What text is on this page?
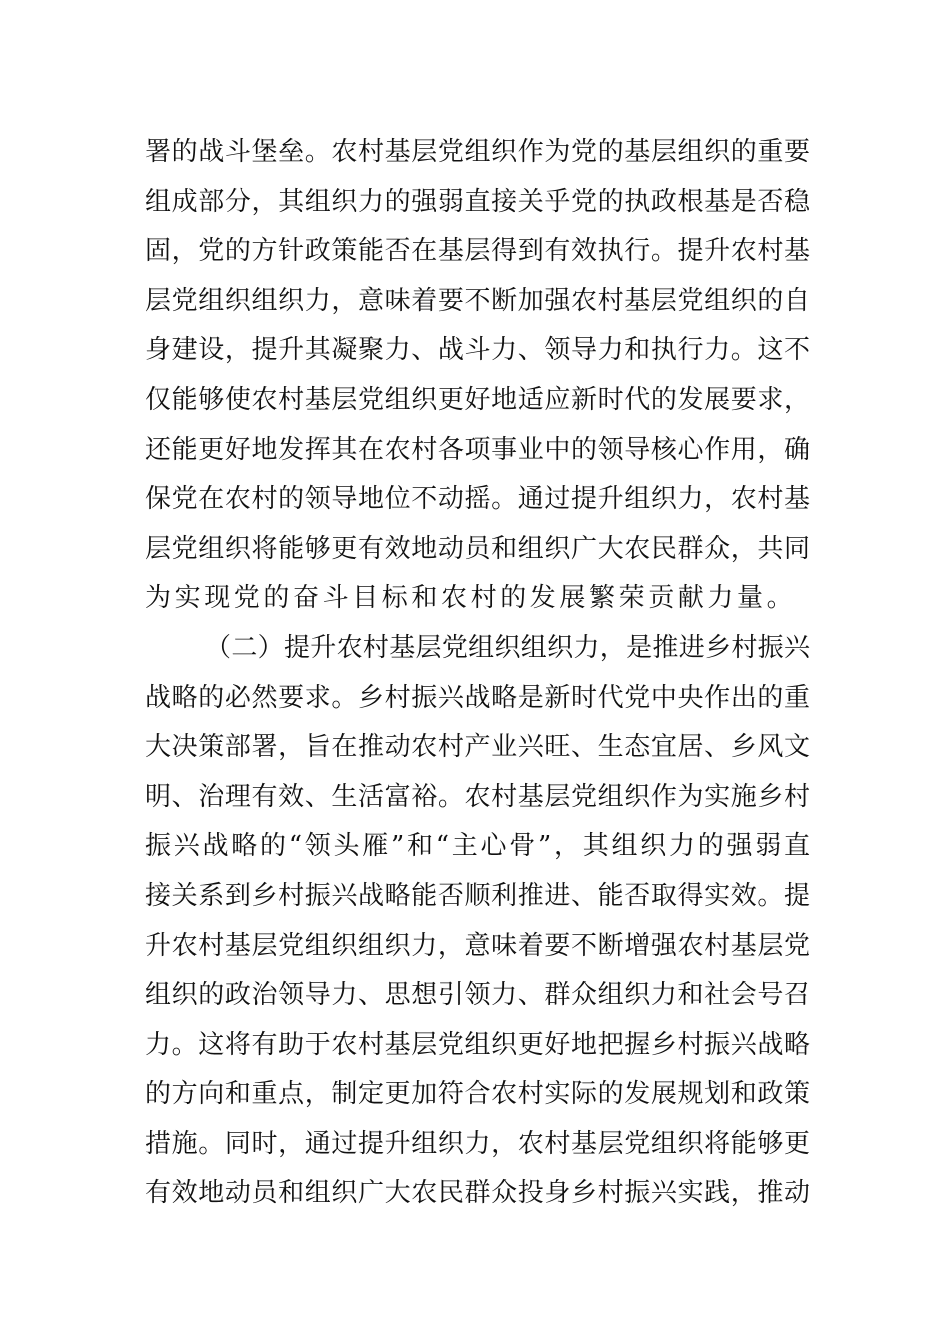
署的战斗堡垒。农村基层党组织作为党的基层组织的重要
组成部分，其组织力的强弱直接关乎党的执政根基是否稳
固，党的方针政策能否在基层得到有效执行。提升农村基
层党组织组织力，意味着要不断加强农村基层党组织的自
身建设，提升其凝聚力、战斗力、领导力和执行力。这不
仅能够使农村基层党组织更好地适应新时代的发展要求，
还能更好地发挥其在农村各项事业中的领导核心作用，确
保党在农村的领导地位不动摇。通过提升组织力，农村基
层党组织将能够更有效地动员和组织广大农民群众，共同
为实现党的奋斗目标和农村的发展繁荣贡献力量。
（二）提升农村基层党组织组织力，是推进乡村振兴
战略的必然要求。乡村振兴战略是新时代党中央作出的重
大决策部署，旨在推动农村产业兴旺、生态宜居、乡风文
明、治理有效、生活富裕。农村基层党组织作为实施乡村
振兴战略的“领头雁”和“主心骨”，其组织力的强弱直
接关系到乡村振兴战略能否顺利推进、能否取得实效。提
升农村基层党组织组织力，意味着要不断增强农村基层党
组织的政治领导力、思想引领力、群众组织力和社会号召
力。这将有助于农村基层党组织更好地把握乡村振兴战略
的方向和重点，制定更加符合农村实际的发展规划和政策
措施。同时，通过提升组织力，农村基层党组织将能够更
有效地动员和组织广大农民群众投身乡村振兴实践，推动
